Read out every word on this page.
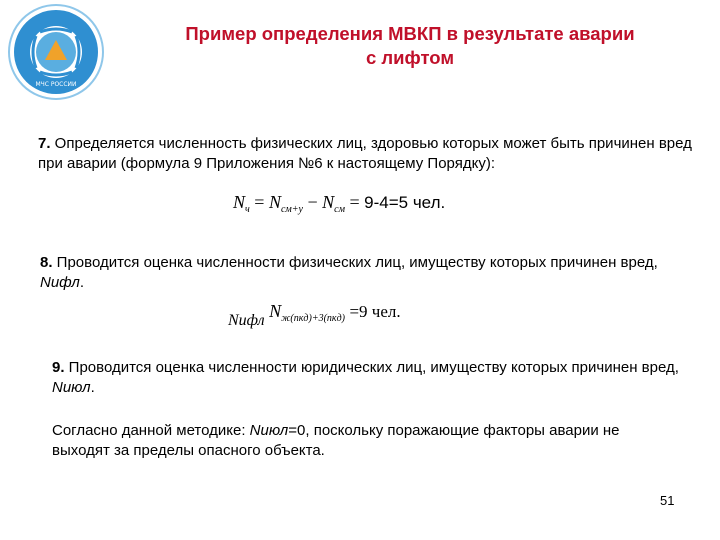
МЧС РОССИИ
Пример определения МВКП в результате аварии
с лифтом
7. Определяется численность физических лиц, здоровью которых может быть причинен вред при аварии (формула 9 Приложения №6 к настоящему Порядку):
$N_ч = N_{см+у} - N_{см} = 9-4=5$ чел.
8. Проводится оценка численности физических лиц, имуществу которых причинен вред, Nифл.
Nифл $N_{ж(пкд)+3(пкд)} =9$ чел.
9. Проводится оценка численности юридических лиц, имуществу которых причинен вред, Nиюл.
Согласно данной методике: Nиюл=0, поскольку поражающие факторы аварии не выходят за пределы опасного объекта.
51
